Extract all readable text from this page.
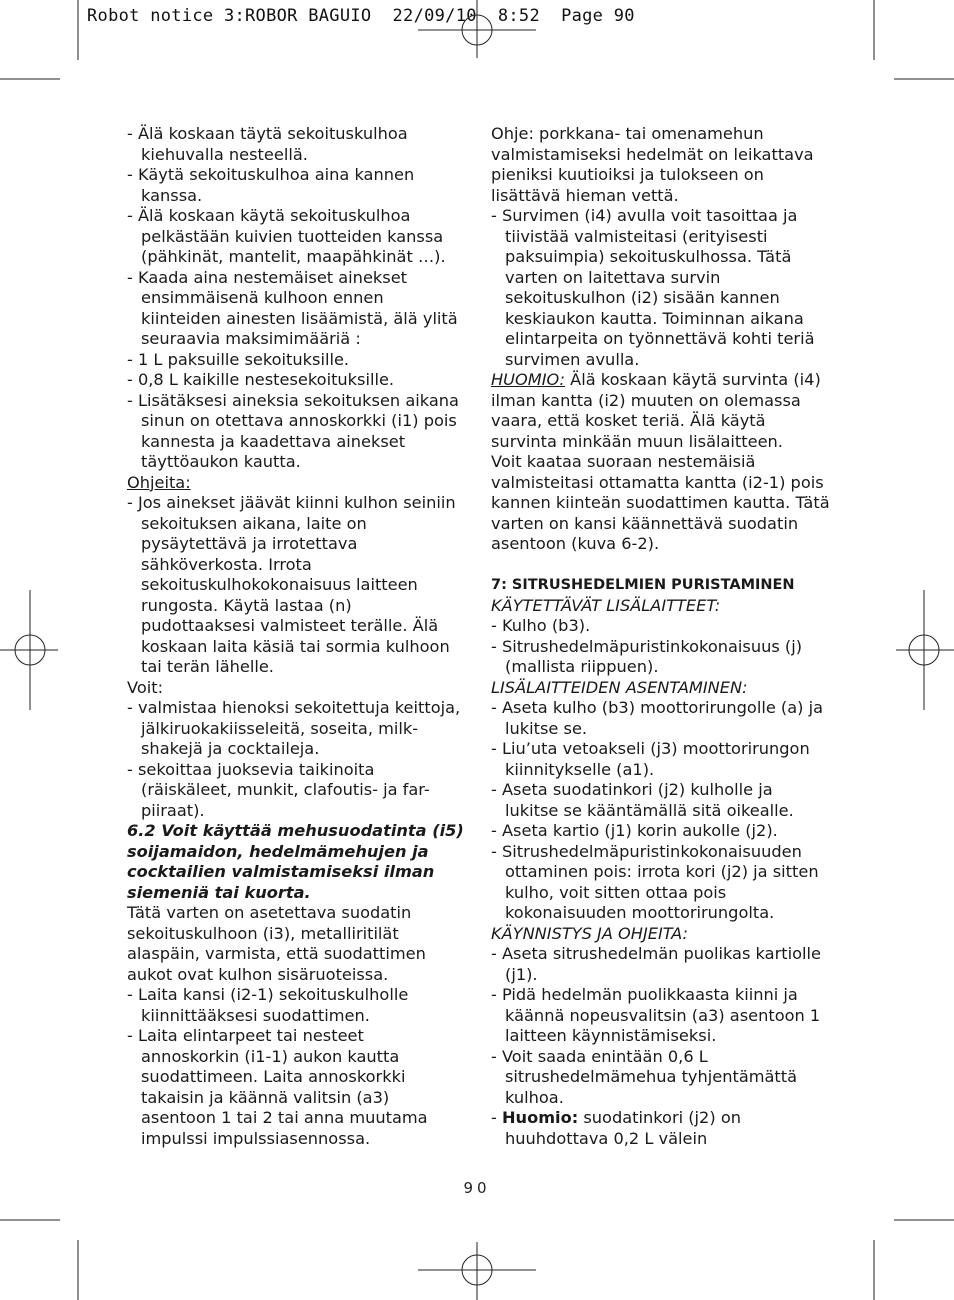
Robot notice 3:ROBOR BAGUIO  22/09/10  8:52  Page 90

- Älä koskaan täytä sekoituskulhoa kiehuvalla nesteellä.

- Käytä sekoituskulhoa aina kannen kanssa.

- Älä koskaan käytä sekoituskulhoa pelkästään kuivien tuotteiden kanssa (pähkinät, mantelit, maapähkinät …).

- Kaada aina nestemäiset ainekset ensimmäisenä kulhoon ennen kiinteiden ainesten lisäämistä, älä ylitä seuraavia maksimimääriä :

- 1 L paksuille sekoituksille.

- 0,8 L kaikille nestesekoituksille.

- Lisätäksesi aineksia sekoituksen aikana sinun on otettava annoskorkki (i1) pois kannesta ja kaadettava ainekset täyttöaukon kautta.

Ohjeita:

- Jos ainekset jäävät kiinni kulhon seiniin sekoituksen aikana, laite on pysäytettävä ja irrotettava sähköverkosta. Irrota sekoituskulhokokonaisuus laitteen rungosta. Käytä lastaa (n) pudottaaksesi valmisteet terälle. Älä koskaan laita käsiä tai sormia kulhoon tai terän lähelle.

Voit:

- valmistaa hienoksi sekoitettuja keittoja, jälkiruokakiisseleitä, soseita, milk-shakejä ja cocktaileja.

- sekoittaa juoksevia taikinoita (räiskäleet, munkit, clafoutis- ja far-piiraat).

6.2 Voit käyttää mehusuodatinta (i5) soijamaidon, hedelmämehujen ja cocktailien valmistamiseksi ilman siemeniä tai kuorta.

Tätä varten on asetettava suodatin sekoituskulhoon (i3), metalliritilät alaspäin, varmista, että suodattimen aukot ovat kulhon sisäruoteissa.

- Laita kansi (i2-1) sekoituskulholle kiinnittääksesi suodattimen.

- Laita elintarpeet tai nesteet annoskorkin (i1-1) aukon kautta suodattimeen. Laita annoskorkki takaisin ja käännä valitsin (a3) asentoon 1 tai 2 tai anna muutama impulssi impulssiasennossa.

Ohje: porkkana- tai omenamehun valmistamiseksi hedelmät on leikattava pieniksi kuutioiksi ja tulokseen on lisättävä hieman vettä.

- Survimen (i4) avulla voit tasoittaa ja tiivistää valmisteitasi (erityisesti paksuimpia) sekoituskulhossa. Tätä varten on laitettava survin sekoituskulhon (i2) sisään kannen keskiaukon kautta. Toiminnan aikana elintarpeita on työnnettävä kohti teriä survimen avulla.

HUOMIO: Älä koskaan käytä survinta (i4) ilman kantta (i2) muuten on olemassa vaara, että kosket teriä. Älä käytä survinta minkään muun lisälaitteen.

Voit kaataa suoraan nestemäisiä valmisteitasi ottamatta kantta (i2-1) pois kannen kiinteän suodattimen kautta. Tätä varten on kansi käännettävä suodatin asentoon (kuva 6-2).

7: SITRUSHEDELMIEN PURISTAMINEN

KÄYTETTÄVÄT LISÄLAITTEET:

- Kulho (b3).

- Sitrushedelmäpuristinkokonaisuus (j) (mallista riippuen).

LISÄLAITTEIDEN ASENTAMINEN:

- Aseta kulho (b3) moottorirungolle (a) ja lukitse se.

- Liu’uta vetoakseli (j3) moottorirungon kiinnitykselle (a1).

- Aseta suodatinkori (j2) kulholle ja lukitse se kääntämällä sitä oikealle.

- Aseta kartio (j1) korin aukolle (j2).

- Sitrushedelmäpuristinkokonaisuuden ottaminen pois: irrota kori (j2) ja sitten kulho, voit sitten ottaa pois kokonaisuuden moottorirungolta.

KÄYNNISTYS JA OHJEITA:

- Aseta sitrushedelmän puolikas kartiolle (j1).

- Pidä hedelmän puolikkaasta kiinni ja käännä nopeusvalitsin (a3) asentoon 1 laitteen käynnistämiseksi.

- Voit saada enintään 0,6 L sitrushedelmämehua tyhjentämättä kulhoa.

- Huomio: suodatinkori (j2) on huuhdottava 0,2 L välein

90
